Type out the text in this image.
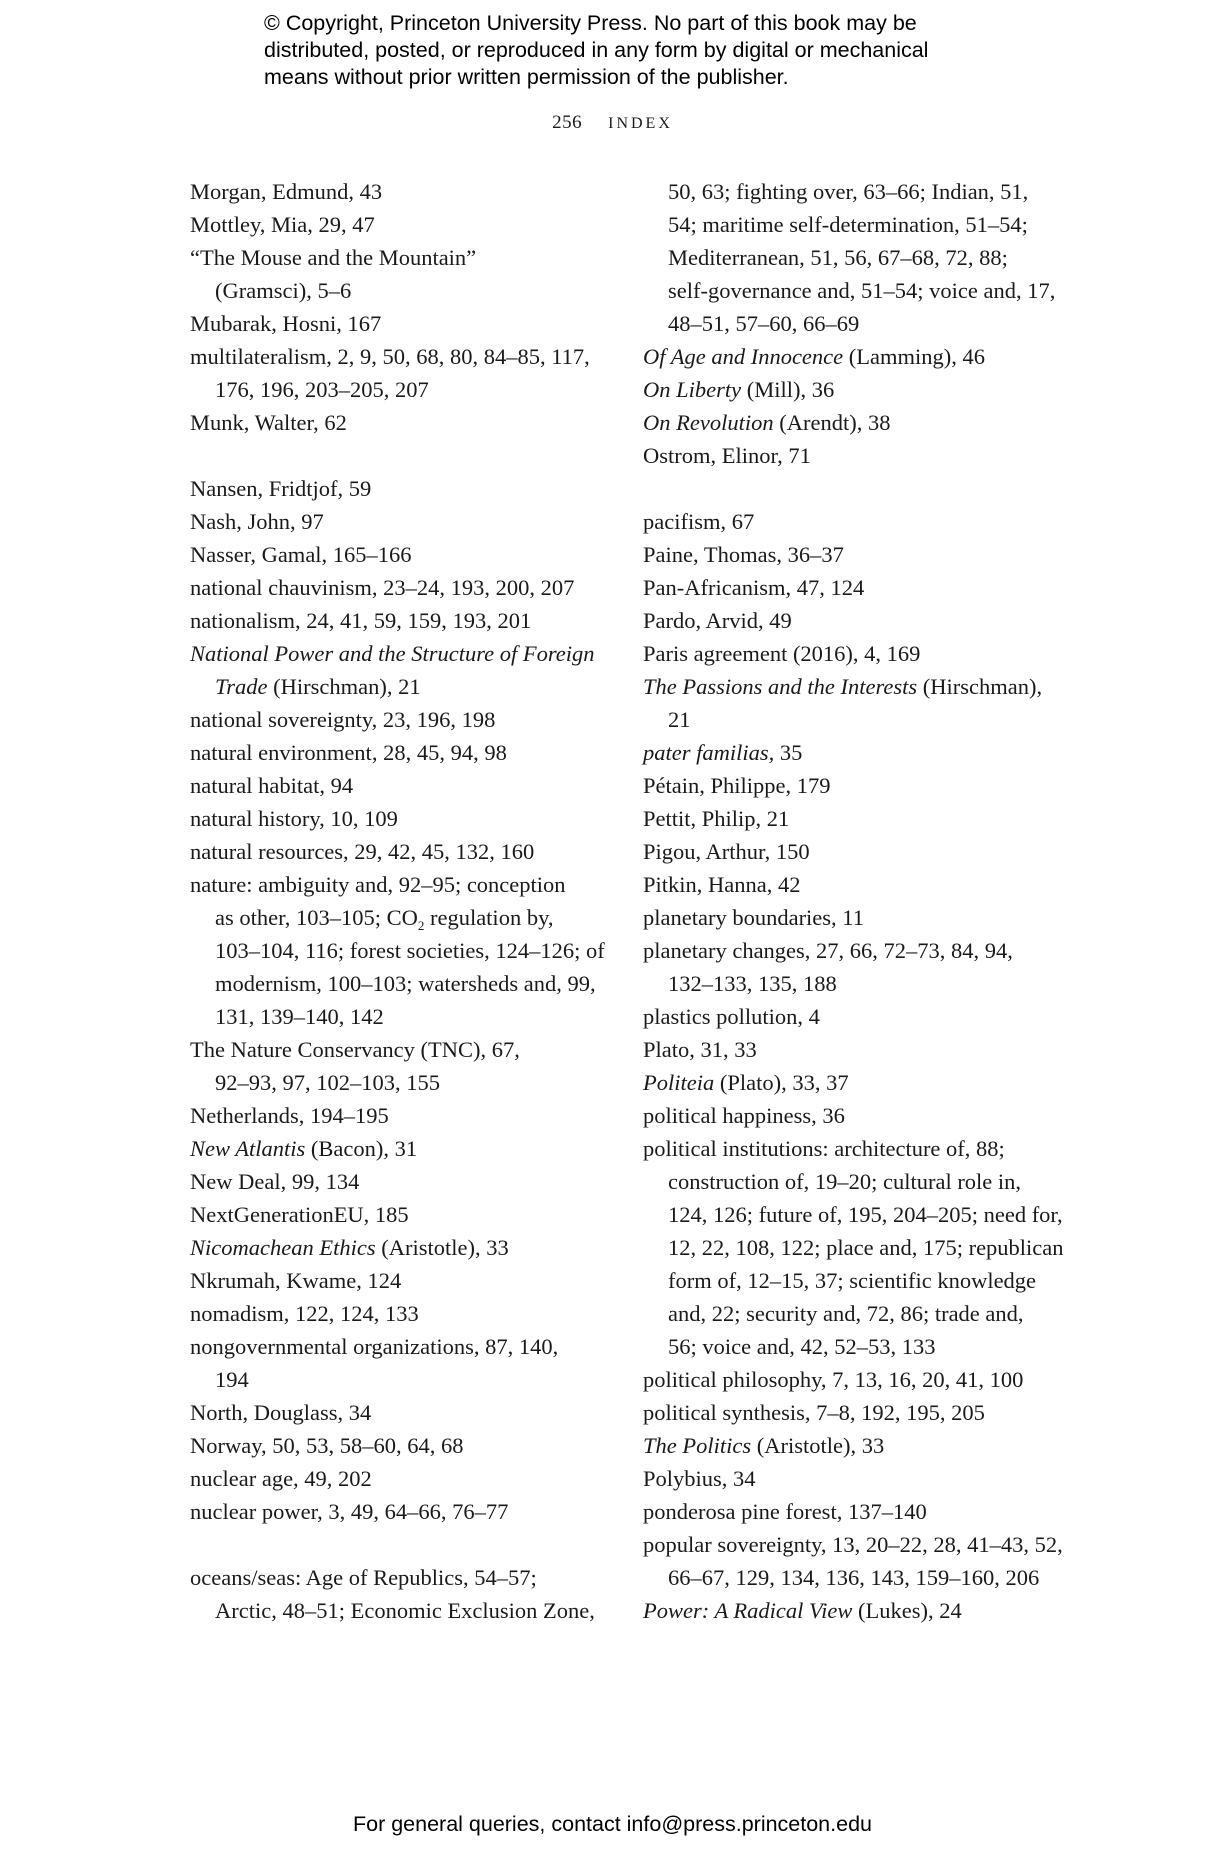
© Copyright, Princeton University Press. No part of this book may be
distributed, posted, or reproduced in any form by digital or mechanical
means without prior written permission of the publisher.
256 INDEX
Morgan, Edmund, 43
Mottley, Mia, 29, 47
“The Mouse and the Mountain”
(Gramsci), 5–6
Mubarak, Hosni, 167
multilateralism, 2, 9, 50, 68, 80, 84–85, 117,
176, 196, 203–205, 207
Munk, Walter, 62
Nansen, Fridtjof, 59
Nash, John, 97
Nasser, Gamal, 165–166
national chauvinism, 23–24, 193, 200, 207
nationalism, 24, 41, 59, 159, 193, 201
National Power and the Structure of Foreign
Trade (Hirschman), 21
national sovereignty, 23, 196, 198
natural environment, 28, 45, 94, 98
natural habitat, 94
natural history, 10, 109
natural resources, 29, 42, 45, 132, 160
nature: ambiguity and, 92–95; conception
as other, 103–105; $CO_2$ regulation by,
103–104, 116; forest societies, 124–126; of
modernism, 100–103; watersheds and, 99,
131, 139–140, 142
The Nature Conservancy (TNC), 67,
92–93, 97, 102–103, 155
Netherlands, 194–195
New Atlantis (Bacon), 31
New Deal, 99, 134
NextGenerationEU, 185
Nicomachean Ethics (Aristotle), 33
Nkrumah, Kwame, 124
nomadism, 122, 124, 133
nongovernmental organizations, 87, 140,
194
North, Douglass, 34
Norway, 50, 53, 58–60, 64, 68
nuclear age, 49, 202
nuclear power, 3, 49, 64–66, 76–77
oceans/seas: Age of Republics, 54–57;
Arctic, 48–51; Economic Exclusion Zone,
50, 63; fighting over, 63–66; Indian, 51,
54; maritime self-determination, 51–54;
Mediterranean, 51, 56, 67–68, 72, 88;
self-governance and, 51–54; voice and, 17,
48–51, 57–60, 66–69
Of Age and Innocence (Lamming), 46
On Liberty (Mill), 36
On Revolution (Arendt), 38
Ostrom, Elinor, 71
pacifism, 67
Paine, Thomas, 36–37
Pan-Africanism, 47, 124
Pardo, Arvid, 49
Paris agreement (2016), 4, 169
The Passions and the Interests (Hirschman),
21
pater familias, 35
Pétain, Philippe, 179
Pettit, Philip, 21
Pigou, Arthur, 150
Pitkin, Hanna, 42
planetary boundaries, 11
planetary changes, 27, 66, 72–73, 84, 94,
132–133, 135, 188
plastics pollution, 4
Plato, 31, 33
Politeia (Plato), 33, 37
political happiness, 36
political institutions: architecture of, 88;
construction of, 19–20; cultural role in,
124, 126; future of, 195, 204–205; need for,
12, 22, 108, 122; place and, 175; republican
form of, 12–15, 37; scientific knowledge
and, 22; security and, 72, 86; trade and,
56; voice and, 42, 52–53, 133
political philosophy, 7, 13, 16, 20, 41, 100
political synthesis, 7–8, 192, 195, 205
The Politics (Aristotle), 33
Polybius, 34
ponderosa pine forest, 137–140
popular sovereignty, 13, 20–22, 28, 41–43, 52,
66–67, 129, 134, 136, 143, 159–160, 206
Power: A Radical View (Lukes), 24
For general queries, contact info@press.princeton.edu
